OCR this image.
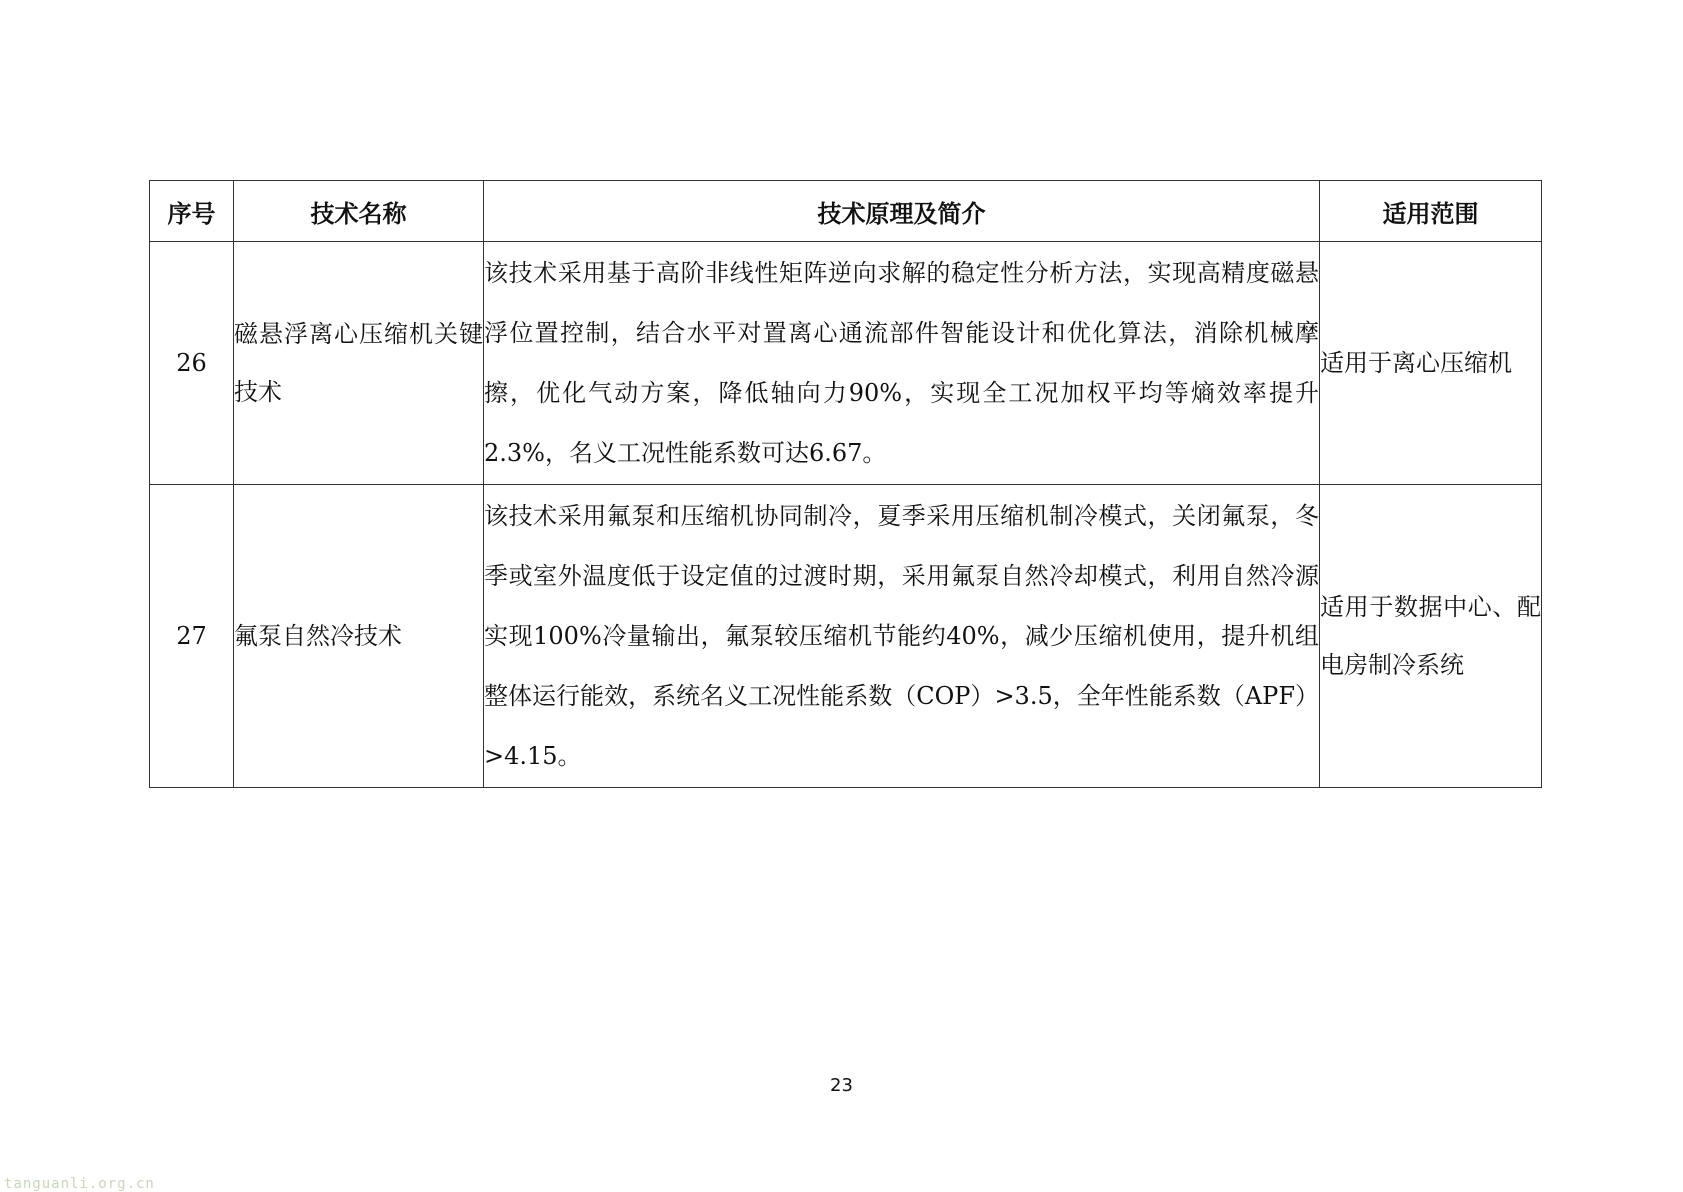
序号	技术名称	技术原理及简介	适用范围
26	磁悬浮离心压缩机关键技术	该技术采用基于高阶非线性矩阵逆向求解的稳定性分析方法，实现高精度磁悬浮位置控制，结合水平对置离心通流部件智能设计和优化算法，消除机械摩擦，优化气动方案，降低轴向力90%，实现全工况加权平均等熵效率提升2.3%，名义工况性能系数可达6.67。	适用于离心压缩机
27	氟泵自然冷技术	该技术采用氟泵和压缩机协同制冷，夏季采用压缩机制冷模式，关闭氟泵，冬季或室外温度低于设定值的过渡时期，采用氟泵自然冷却模式，利用自然冷源实现100%冷量输出，氟泵较压缩机节能约40%，减少压缩机使用，提升机组整体运行能效，系统名义工况性能系数（COP）>3.5，全年性能系数（APF）>4.15。	适用于数据中心、配电房制冷系统
23
tanguanli.org.cn
